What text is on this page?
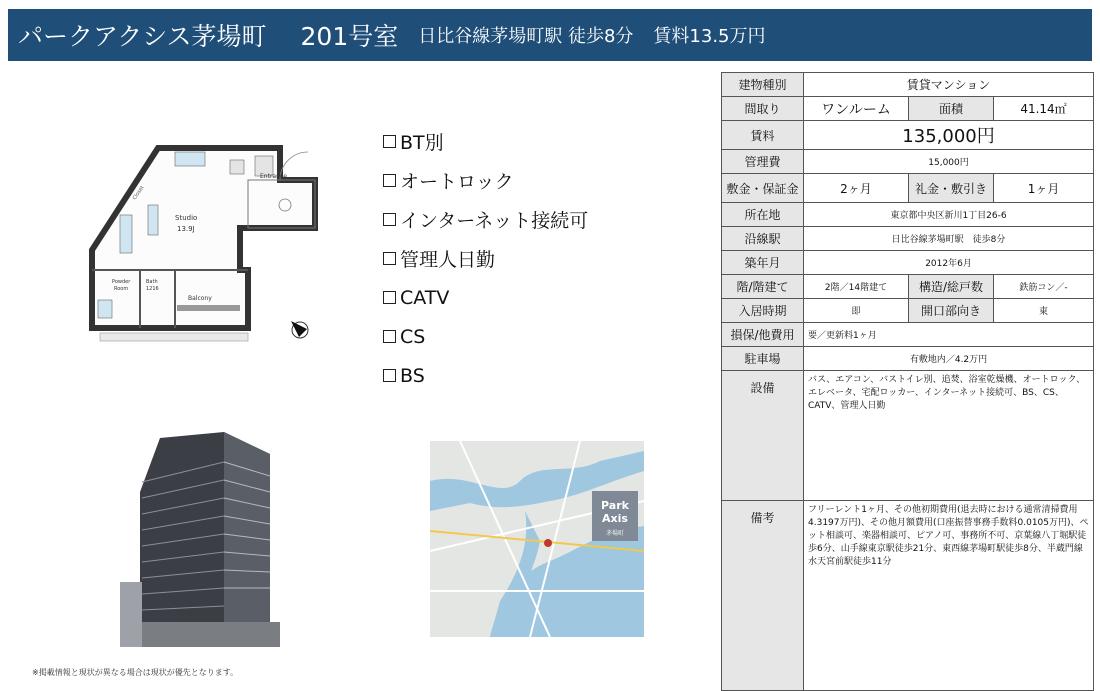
パークアクシス茅場町 201号室 日比谷線茅場町駅 徒歩8分 賃料13.5万円
Entrance
Studio
13.9J
Closet
Powder
Room
Bath
1216
Balcony
BT別
オートロック
インターネット接続可
管理人日勤
CATV
CS
BS
Park
Axis
茅場町
※掲載情報と現状が異なる場合は現状が優先となります。
建物種別	賃貸マンション		
間取り	ワンルーム	面積	41.14㎡
賃料	135,000円		
管理費	15,000円		
敷金・保証金	2ヶ月	礼金・敷引き	1ヶ月
所在地	東京都中央区新川1丁目26-6		
沿線駅	日比谷線茅場町駅　徒歩8分		
築年月	2012年6月		
階/階建て	2階／14階建て	構造/総戸数	鉄筋コン／-
入居時期	即	開口部向き	東
損保/他費用	要／更新料1ヶ月		
駐車場	有敷地内／4.2万円		
設備	バス、エアコン、バストイレ別、追焚、浴室乾燥機、オートロック、エレベータ、宅配ロッカー、インターネット接続可、BS、CS、CATV、管理人日勤		
備考	フリーレント1ヶ月、その他初期費用(退去時における通常清掃費用4.3197万円)、その他月額費用(口座振替事務手数料0.0105万円)、ペット相談可、楽器相談可、ピアノ可、事務所不可、京葉線八丁堀駅徒歩6分、山手線東京駅徒歩21分、東西線茅場町駅徒歩8分、半蔵門線水天宮前駅徒歩11分		
